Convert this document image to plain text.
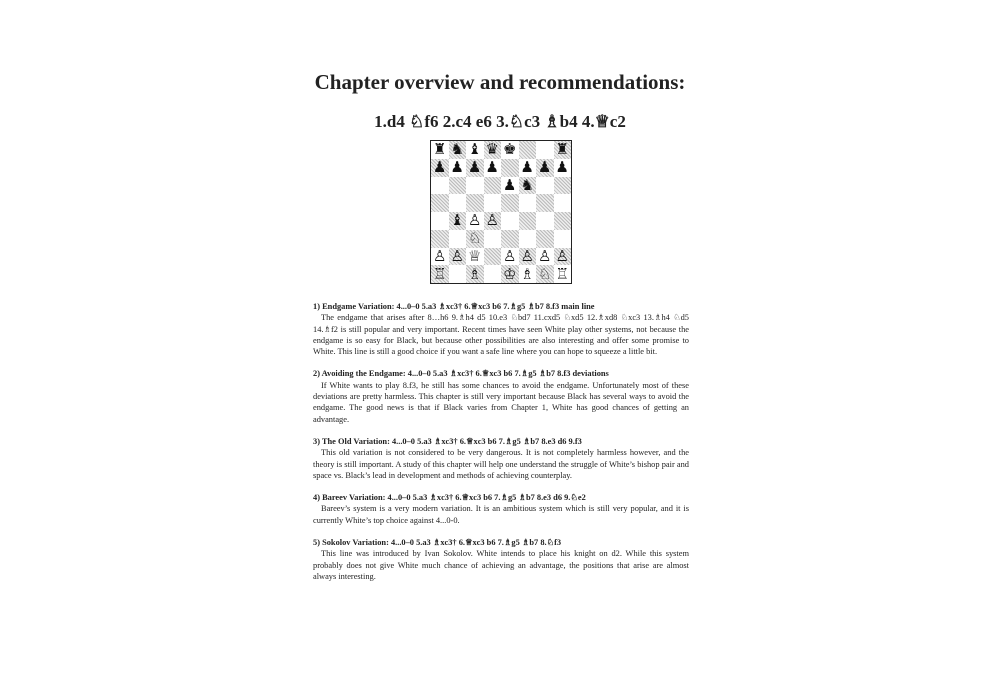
Chapter overview and recommendations:
1.d4 ♘f6 2.c4 e6 3.♘c3 ♗b4 4.♕c2
♜ ♞ ♝ ♛ ♚	♜
♟ ♟ ♟ ♟ ♟ ♟ ♟
♟ ♞
♝ ♙ ♙
♘
♙ ♙ ♕ ♙ ♙ ♙ ♙
♖ ♗ ♔ ♗ ♘ ♖
1) Endgame Variation: 4...0–0 5.a3 ♗xc3† 6.♕xc3 b6 7.♗g5 ♗b7 8.f3 main line
The endgame that arises after 8…h6 9.♗h4 d5 10.e3 ♘bd7 11.cxd5 ♘xd5 12.♗xd8 ♘xc3 13.♗h4 ♘d5 14.♗f2 is still popular and very important. Recent times have seen White play other systems, not because the endgame is so easy for Black, but because other possibilities are also interesting and offer some promise to White. This line is still a good choice if you want a safe line where you can hope to squeeze a little bit.
2) Avoiding the Endgame: 4...0–0 5.a3 ♗xc3† 6.♕xc3 b6 7.♗g5 ♗b7 8.f3 deviations
If White wants to play 8.f3, he still has some chances to avoid the endgame. Unfortunately most of these deviations are pretty harmless. This chapter is still very important because Black has several ways to avoid the endgame. The good news is that if Black varies from Chapter 1, White has good chances of getting an advantage.
3) The Old Variation: 4...0–0 5.a3 ♗xc3† 6.♕xc3 b6 7.♗g5 ♗b7 8.e3 d6 9.f3
This old variation is not considered to be very dangerous. It is not completely harmless however, and the theory is still important. A study of this chapter will help one understand the struggle of White’s bishop pair and space vs. Black’s lead in development and methods of achieving counterplay.
4) Bareev Variation: 4...0–0 5.a3 ♗xc3† 6.♕xc3 b6 7.♗g5 ♗b7 8.e3 d6 9.♘e2
Bareev’s system is a very modern variation. It is an ambitious system which is still very popular, and it is currently White’s top choice against 4...0-0.
5) Sokolov Variation: 4...0–0 5.a3 ♗xc3† 6.♕xc3 b6 7.♗g5 ♗b7 8.♘f3
This line was introduced by Ivan Sokolov. White intends to place his knight on d2. While this system probably does not give White much chance of achieving an advantage, the positions that arise are almost always interesting.
